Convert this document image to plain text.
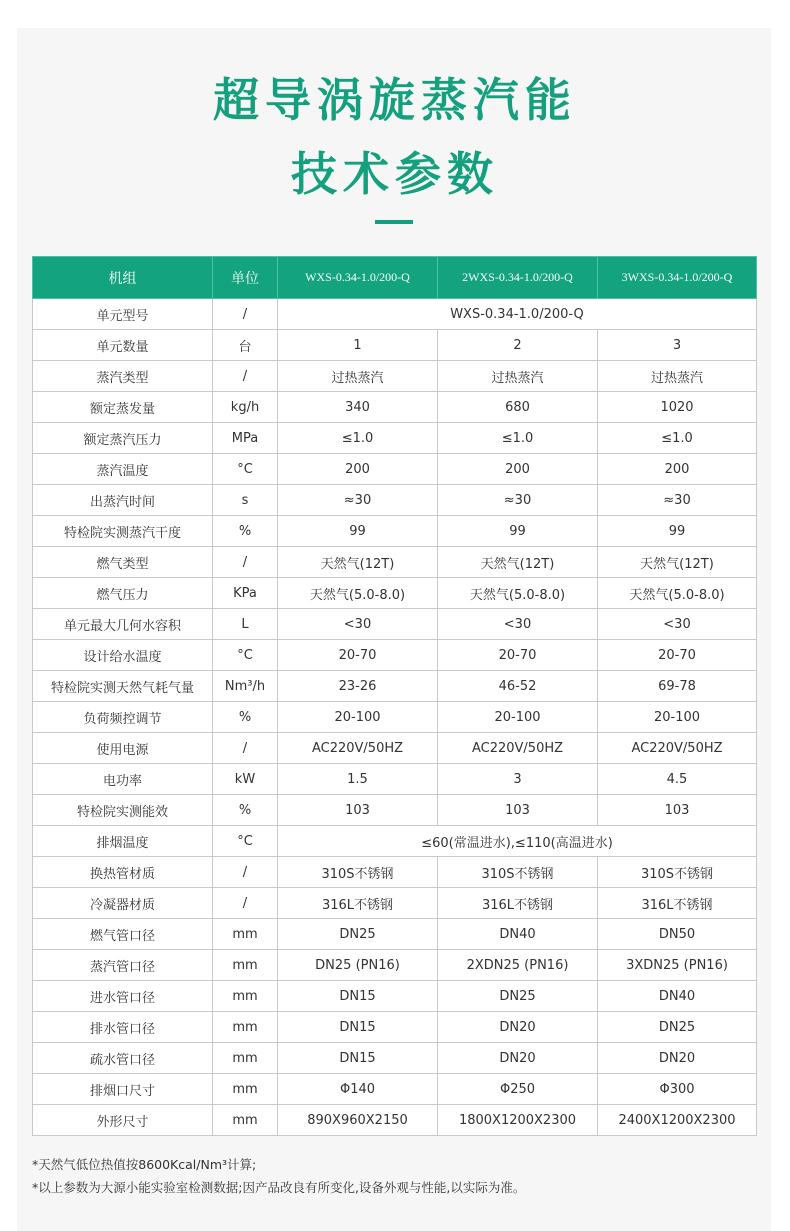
超导涡旋蒸汽能
技术参数
机组	单位	WXS-0.34-1.0/200-Q	2WXS-0.34-1.0/200-Q	3WXS-0.34-1.0/200-Q
单元型号	/	WXS-0.34-1.0/200-Q		
单元数量	台	1	2	3
蒸汽类型	/	过热蒸汽	过热蒸汽	过热蒸汽
额定蒸发量	kg/h	340	680	1020
额定蒸汽压力	MPa	≤1.0	≤1.0	≤1.0
蒸汽温度	°C	200	200	200
出蒸汽时间	s	≈30	≈30	≈30
特检院实测蒸汽干度	%	99	99	99
燃气类型	/	天然气(12T)	天然气(12T)	天然气(12T)
燃气压力	KPa	天然气(5.0-8.0)	天然气(5.0-8.0)	天然气(5.0-8.0)
单元最大几何水容积	L	<30	<30	<30
设计给水温度	°C	20-70	20-70	20-70
特检院实测天然气耗气量	Nm³/h	23-26	46-52	69-78
负荷频控调节	%	20-100	20-100	20-100
使用电源	/	AC220V/50HZ	AC220V/50HZ	AC220V/50HZ
电功率	kW	1.5	3	4.5
特检院实测能效	%	103	103	103
排烟温度	°C	≤60(常温进水),≤110(高温进水)		
换热管材质	/	310S不锈钢	310S不锈钢	310S不锈钢
冷凝器材质	/	316L不锈钢	316L不锈钢	316L不锈钢
燃气管口径	mm	DN25	DN40	DN50
蒸汽管口径	mm	DN25 (PN16)	2XDN25 (PN16)	3XDN25 (PN16)
进水管口径	mm	DN15	DN25	DN40
排水管口径	mm	DN15	DN20	DN25
疏水管口径	mm	DN15	DN20	DN20
排烟口尺寸	mm	Φ140	Φ250	Φ300
外形尺寸	mm	890X960X2150	1800X1200X2300	2400X1200X2300
*天然气低位热值按8600Kcal/Nm³计算;
*以上参数为大源小能实验室检测数据;因产品改良有所变化,设备外观与性能,以实际为准。
